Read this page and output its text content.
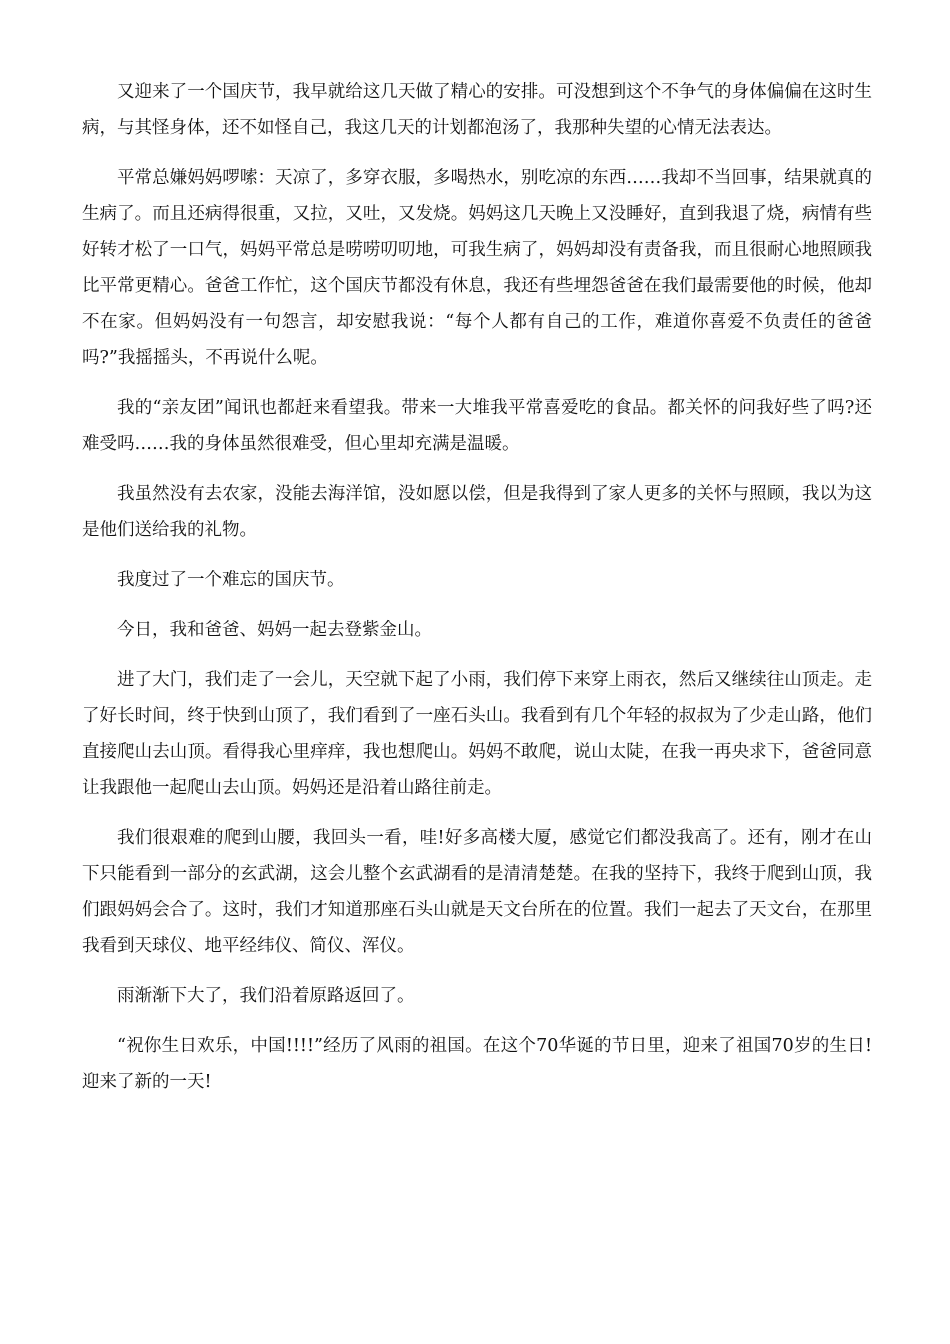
又迎来了一个国庆节，我早就给这几天做了精心的安排。可没想到这个不争气的身体偏偏在这时生病，与其怪身体，还不如怪自己，我这几天的计划都泡汤了，我那种失望的心情无法表达。

平常总嫌妈妈啰嗦：天凉了，多穿衣服，多喝热水，别吃凉的东西……我却不当回事，结果就真的生病了。而且还病得很重，又拉，又吐，又发烧。妈妈这几天晚上又没睡好，直到我退了烧，病情有些好转才松了一口气，妈妈平常总是唠唠叨叨地，可我生病了，妈妈却没有责备我，而且很耐心地照顾我比平常更精心。爸爸工作忙，这个国庆节都没有休息，我还有些埋怨爸爸在我们最需要他的时候，他却不在家。但妈妈没有一句怨言，却安慰我说：“每个人都有自己的工作，难道你喜爱不负责任的爸爸吗?”我摇摇头，不再说什么呢。

我的“亲友团”闻讯也都赶来看望我。带来一大堆我平常喜爱吃的食品。都关怀的问我好些了吗?还难受吗……我的身体虽然很难受，但心里却充满是温暖。

我虽然没有去农家，没能去海洋馆，没如愿以偿，但是我得到了家人更多的关怀与照顾，我以为这是他们送给我的礼物。

我度过了一个难忘的国庆节。

今日，我和爸爸、妈妈一起去登紫金山。

进了大门，我们走了一会儿，天空就下起了小雨，我们停下来穿上雨衣，然后又继续往山顶走。走了好长时间，终于快到山顶了，我们看到了一座石头山。我看到有几个年轻的叔叔为了少走山路，他们直接爬山去山顶。看得我心里痒痒，我也想爬山。妈妈不敢爬，说山太陡，在我一再央求下，爸爸同意让我跟他一起爬山去山顶。妈妈还是沿着山路往前走。

我们很艰难的爬到山腰，我回头一看，哇!好多高楼大厦，感觉它们都没我高了。还有，刚才在山下只能看到一部分的玄武湖，这会儿整个玄武湖看的是清清楚楚。在我的坚持下，我终于爬到山顶，我们跟妈妈会合了。这时，我们才知道那座石头山就是天文台所在的位置。我们一起去了天文台，在那里我看到天球仪、地平经纬仪、简仪、浑仪。

雨渐渐下大了，我们沿着原路返回了。

“祝你生日欢乐，中国!!!!”经历了风雨的祖国。在这个70华诞的节日里，迎来了祖国70岁的生日!迎来了新的一天!
